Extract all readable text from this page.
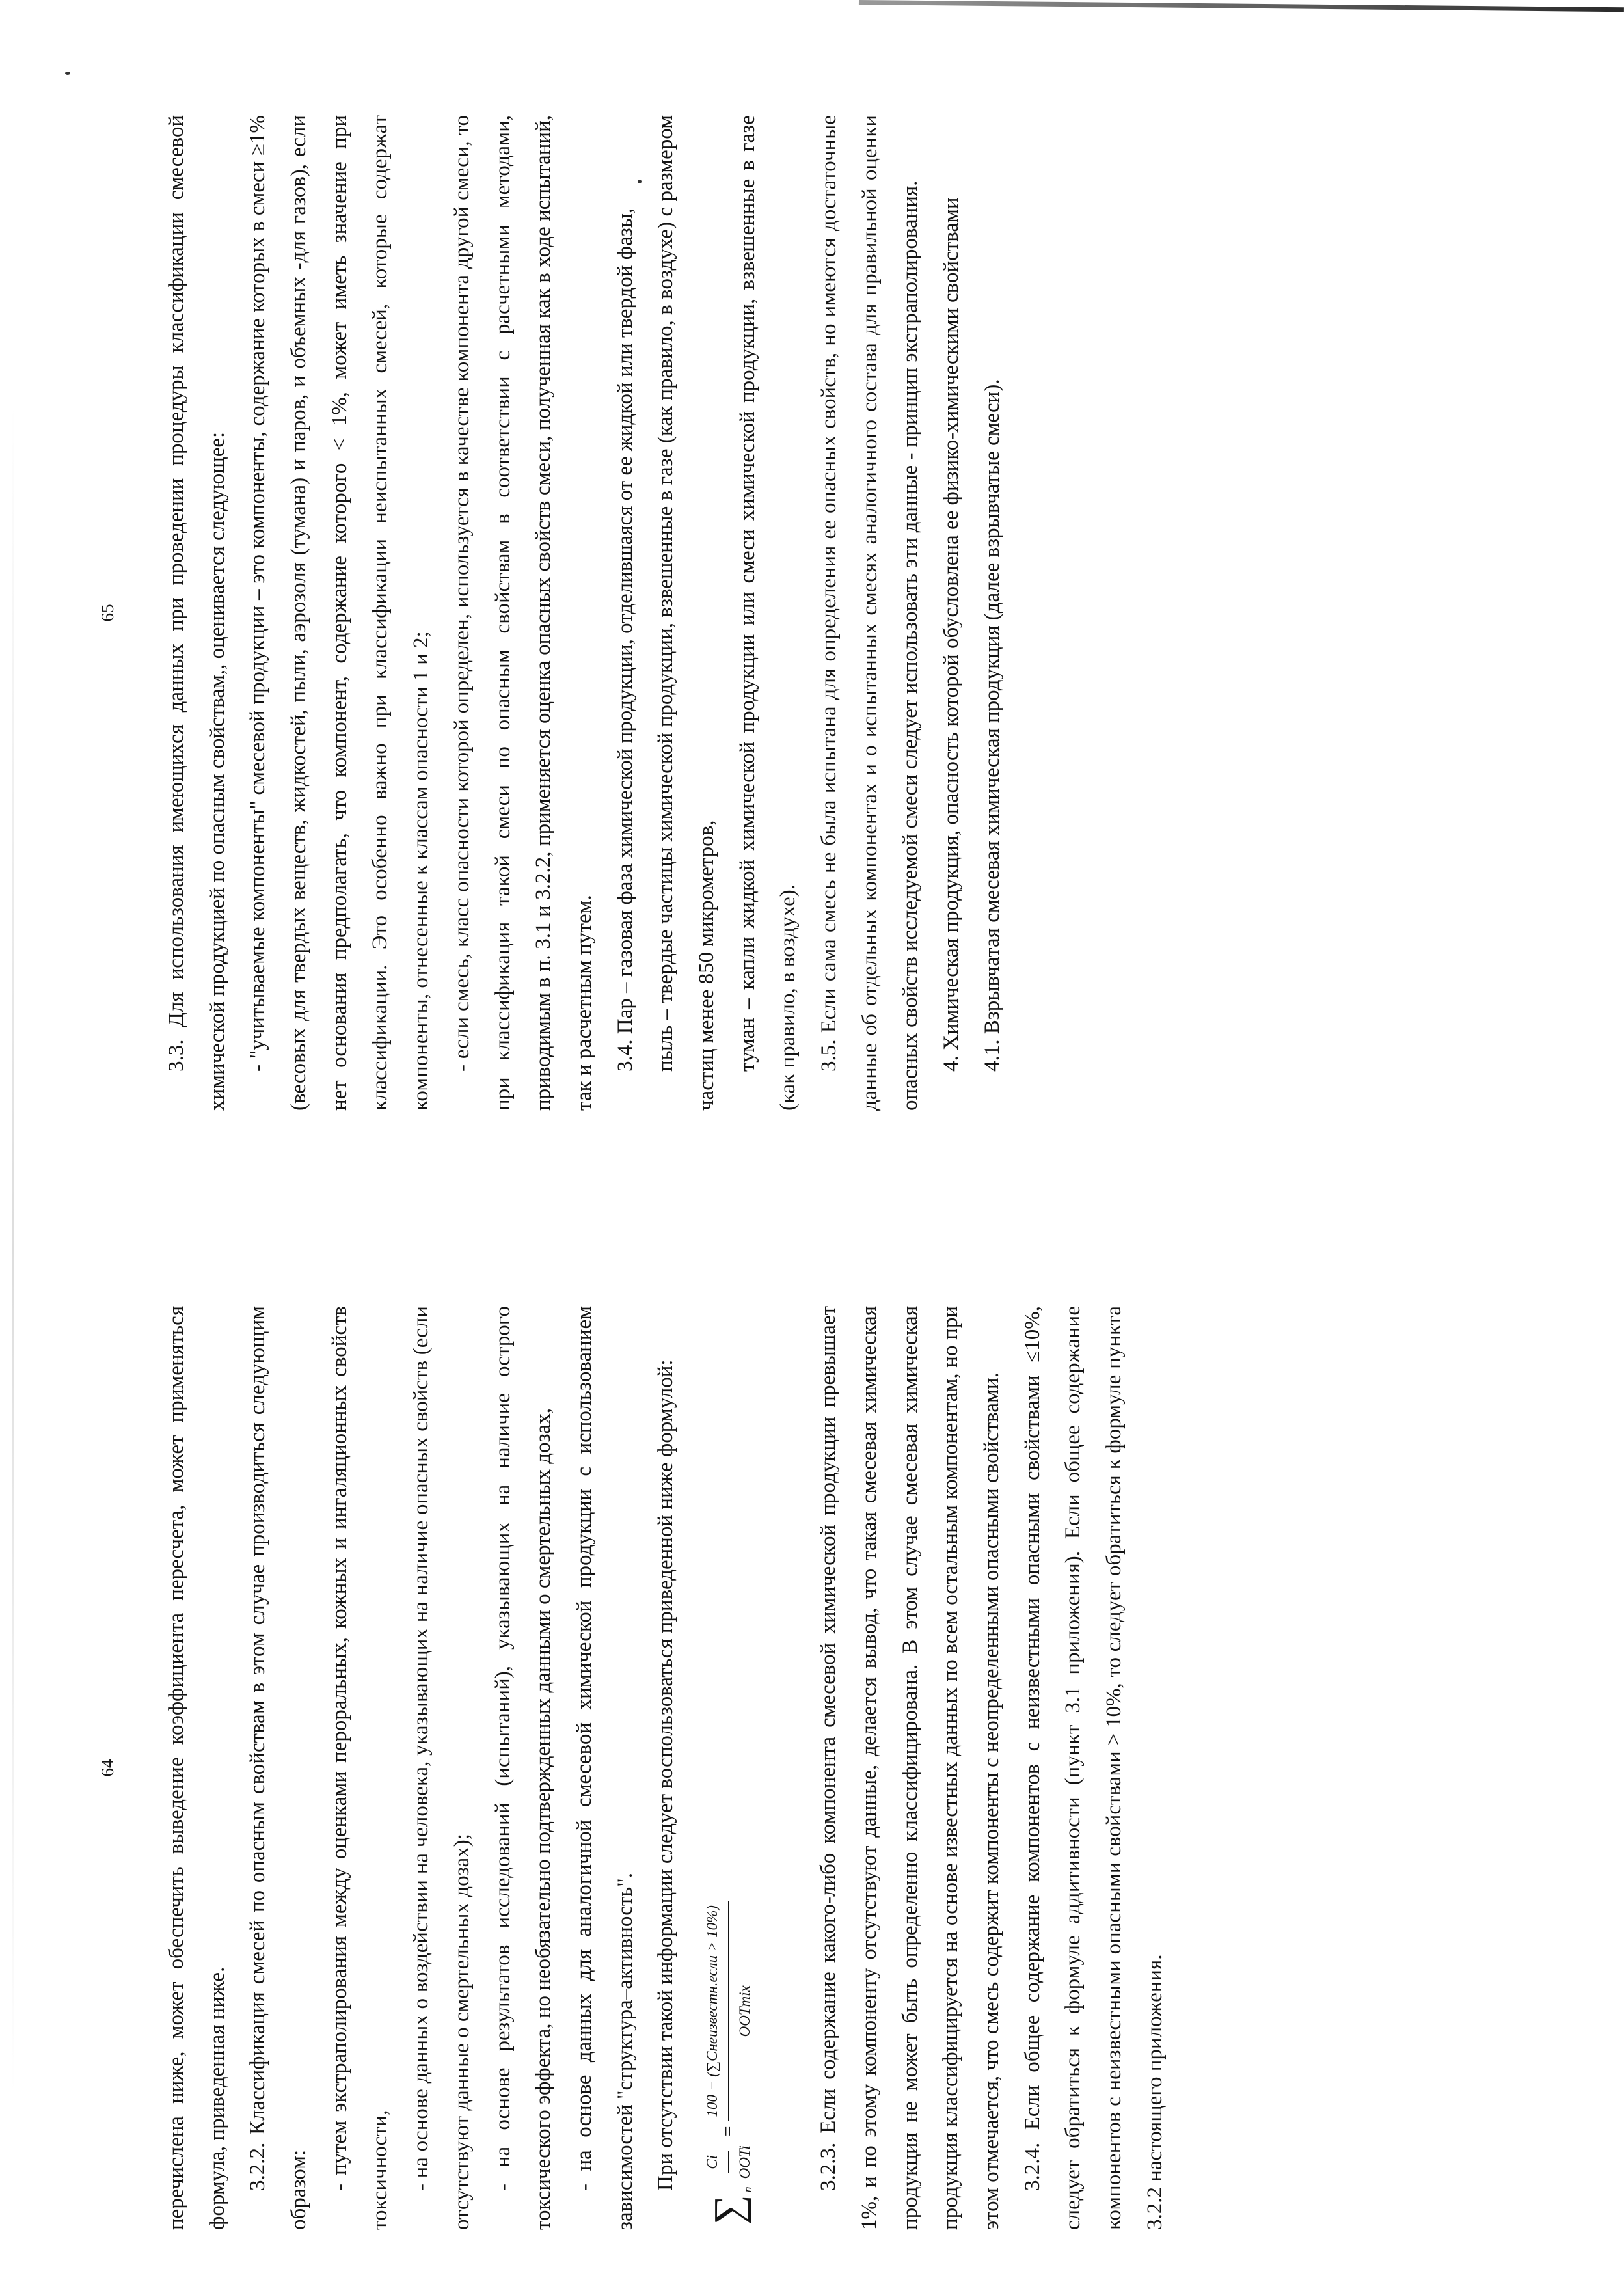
64	перечислена ниже, может обеспечить выведение коэффициента пересчета, может применяться формула, приведенная ниже. 3.2.2. Классификация смесей по опасным свойствам в этом случае производиться следующим образом: - путем экстраполирования между оценками пероральных, кожных и ингаляционных свойств токсичности, - на основе данных о воздействии на человека, указывающих на наличие опасных свойств (если отсутствуют данные о смертельных дозах); - на основе результатов исследований (испытаний), указывающих на наличие острого токсического эффекта, но необязательно подтвержденных данными о смертельных дозах, - на основе данных для аналогичной смесевой химической продукции с использованием зависимостей "структура–активность". При отсутствии такой информации следует воспользоваться приведенной ниже формулой:

∑
n
Ci	OOTi
=
100 − (∑Cнеизвестн.если > 10%)	OOTmix	3.2.3. Если содержание какого-либо компонента смесевой химической продукции превышает 1%, и по этому компоненту отсутствуют данные, делается вывод, что такая смесевая химическая продукция не может быть определенно классифицирована. В этом случае смесевая химическая продукция классифицируется на основе известных данных по всем остальным компонентам, но при этом отмечается, что смесь содержит компоненты с неопределенными опасными свойствами. 3.2.4. Если общее содержание компонентов с неизвестными опасными свойствами ≤10%, следует обратиться к формуле аддитивности (пункт 3.1 приложения). Если общее содержание компонентов с неизвестными опасными свойствами > 10%, то следует обратиться к формуле пункта 3.2.2 настоящего приложения.

65	3.3. Для использования имеющихся данных при проведении процедуры классификации смесевой химической продукцией по опасным свойствам,, оценивается следующее: - "учитываемые компоненты" смесевой продукции – это компоненты, содержание которых в смеси ≥1% (весовых для твердых веществ, жидкостей, пыли, аэрозоля (тумана) и паров, и объемных -для газов), если нет основания предполагать, что компонент, содержание которого < 1%, может иметь значение при классификации. Это особенно важно при классификации неиспытанных смесей, которые содержат компоненты, отнесенные к классам опасности 1 и 2; - если смесь, класс опасности которой определен, используется в качестве компонента другой смеси, то при классификация такой смеси по опасным свойствам в соответствии с расчетными методами, приводимым в п. 3.1 и 3.2.2, применяется оценка опасных свойств смеси, полученная как в ходе испытаний, так и расчетным путем. 3.4. Пар – газовая фаза химической продукции, отделившаяся от ее жидкой или твердой фазы, пыль – твердые частицы химической продукции, взвешенные в газе (как правило, в воздухе) с размером частиц менее 850 микрометров, туман – капли жидкой химической продукции или смеси химической продукции, взвешенные в газе (как правило, в воздухе). 3.5. Если сама смесь не была испытана для определения ее опасных свойств, но имеются достаточные данные об отдельных компонентах и о испытанных смесях аналогичного состава для правильной оценки опасных свойств исследуемой смеси следует использовать эти данные - принцип экстраполирования. 4. Химическая продукция, опасность которой обусловлена ее физико-химическими свойствами 4.1. Взрывчатая смесевая химическая продукция (далее взрывчатые смеси).
